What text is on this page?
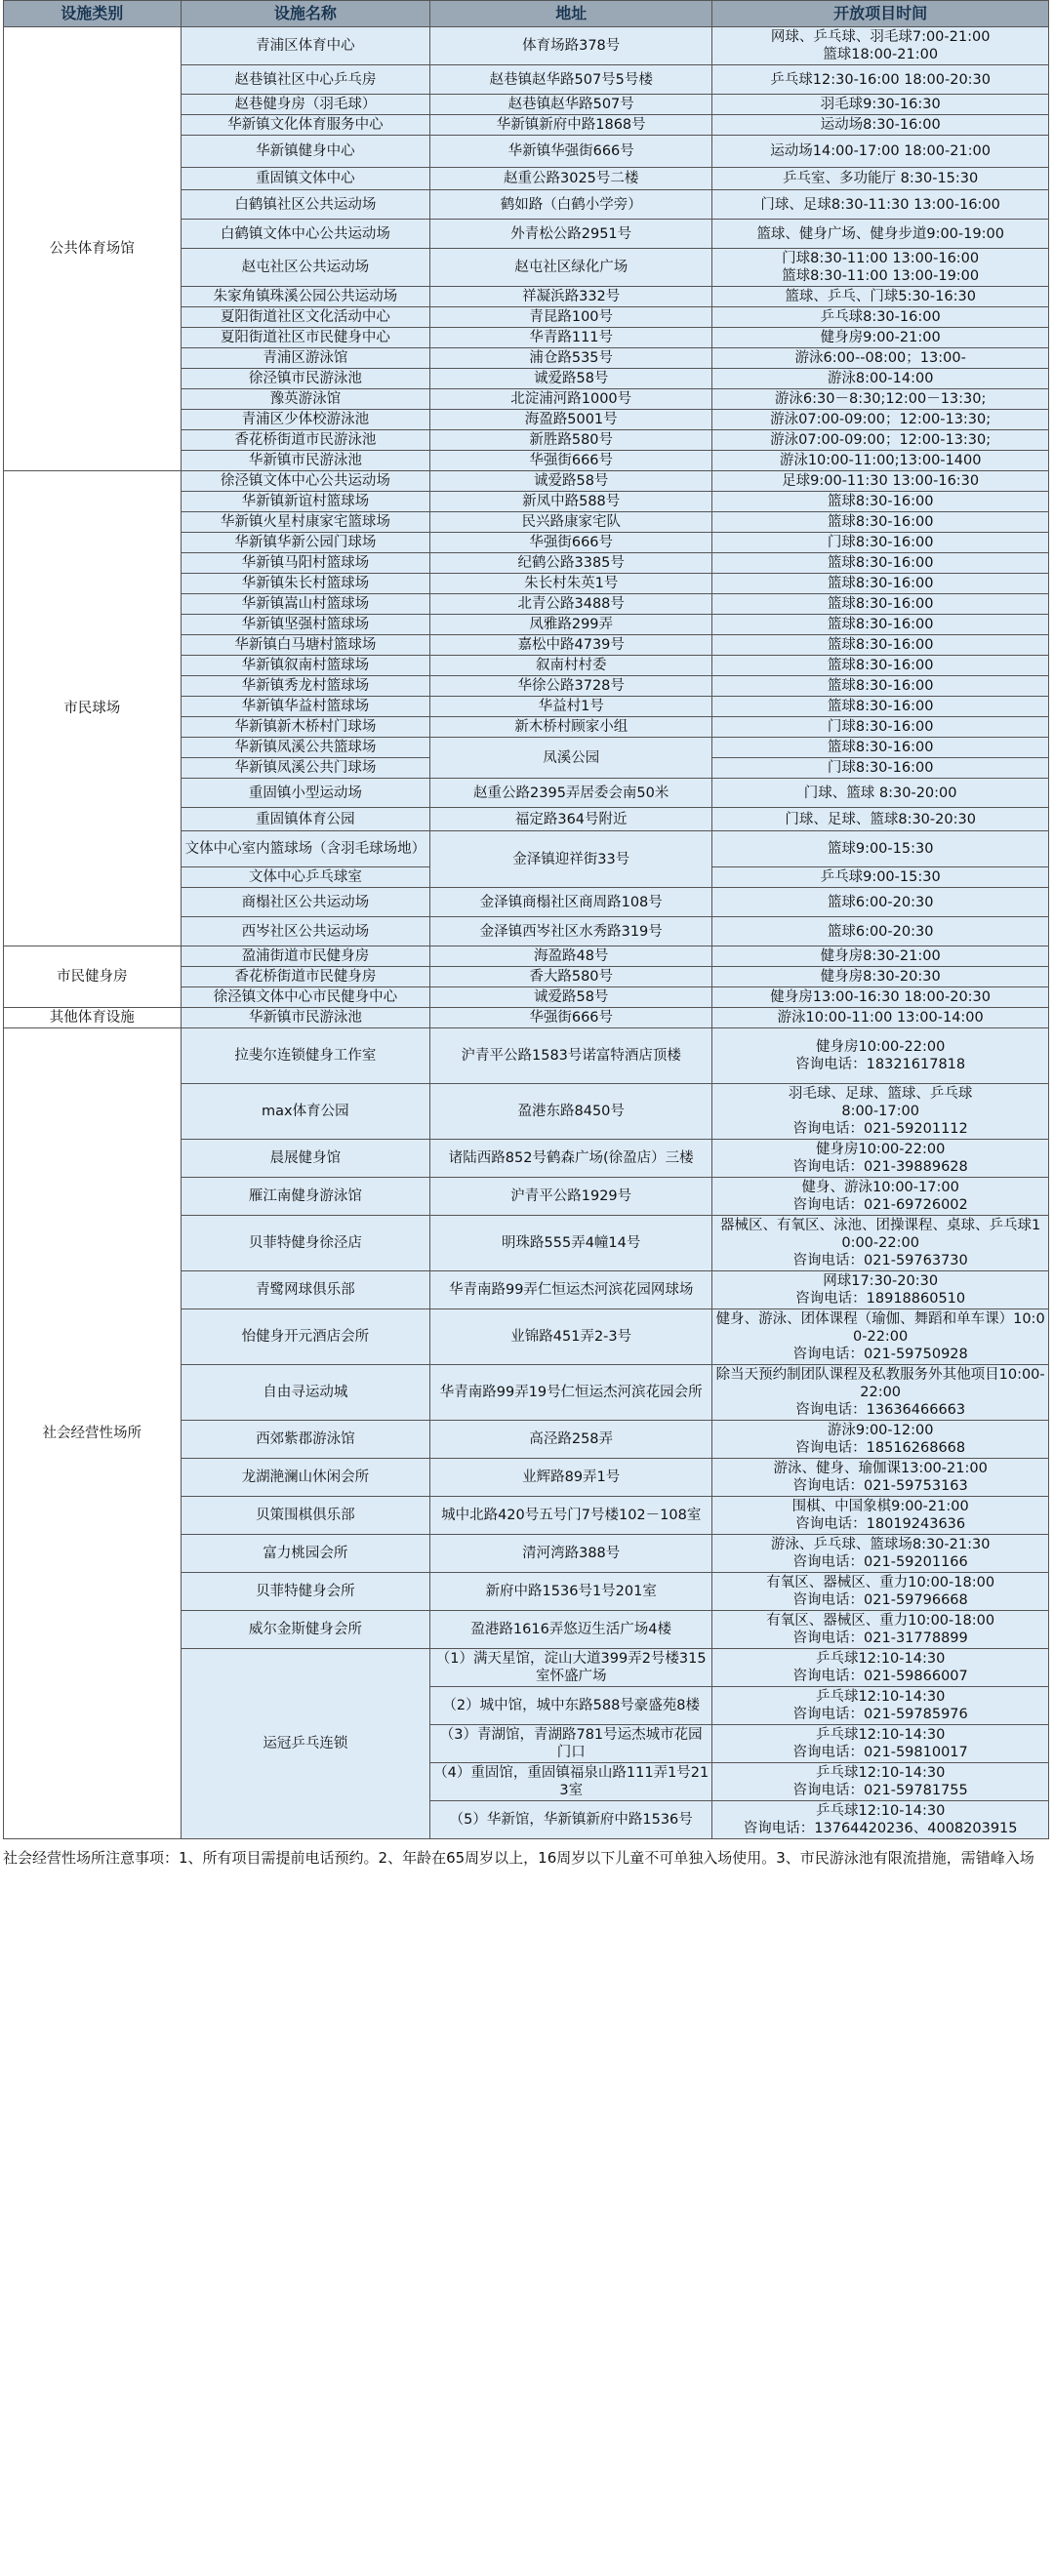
设施类别	设施名称	地址	开放项目时间
公共体育场馆	青浦区体育中心	体育场路378号	网球、乒乓球、羽毛球7:00-21:00
篮球18:00-21:00

	赵巷镇社区中心乒乓房	赵巷镇赵华路507号5号楼	乒乓球12:30-16:00 18:00-20:30

	赵巷健身房（羽毛球）	赵巷镇赵华路507号	羽毛球9:30-16:30

	华新镇文化体育服务中心	华新镇新府中路1868号	运动场8:30-16:00

	华新镇健身中心	华新镇华强街666号	运动场14:00-17:00 18:00-21:00

	重固镇文体中心	赵重公路3025号二楼	乒乓室、多功能厅 8:30-15:30

	白鹤镇社区公共运动场	鹤如路（白鹤小学旁）	门球、足球8:30-11:30 13:00-16:00

	白鹤镇文体中心公共运动场	外青松公路2951号	篮球、健身广场、健身步道9:00-19:00

	赵屯社区公共运动场	赵屯社区绿化广场	门球8:30-11:00 13:00-16:00
篮球8:30-11:00 13:00-19:00

	朱家角镇珠溪公园公共运动场	祥凝浜路332号	篮球、乒乓、门球5:30-16:30

	夏阳街道社区文化活动中心	青昆路100号	乒乓球8:30-16:00

	夏阳街道社区市民健身中心	华青路111号	健身房9:00-21:00

	青浦区游泳馆	浦仓路535号	游泳6:00--08:00；13:00-

	徐泾镇市民游泳池	诚爱路58号	游泳8:00-14:00

	豫英游泳馆	北淀浦河路1000号	游泳6:30－8:30;12:00－13:30;

	青浦区少体校游泳池	海盈路5001号	游泳07:00-09:00；12:00-13:30;

	香花桥街道市民游泳池	新胜路580号	游泳07:00-09:00；12:00-13:30;

	华新镇市民游泳池	华强街666号	游泳10:00-11:00;13:00-1400

市民球场	徐泾镇文体中心公共运动场	诚爱路58号	足球9:00-11:30 13:00-16:30

	华新镇新谊村篮球场	新凤中路588号	篮球8:30-16:00

	华新镇火星村康家宅篮球场	民兴路康家宅队	篮球8:30-16:00

	华新镇华新公园门球场	华强街666号	门球8:30-16:00

	华新镇马阳村篮球场	纪鹤公路3385号	篮球8:30-16:00

	华新镇朱长村篮球场	朱长村朱英1号	篮球8:30-16:00

	华新镇嵩山村篮球场	北青公路3488号	篮球8:30-16:00

	华新镇坚强村篮球场	凤雅路299弄	篮球8:30-16:00

	华新镇白马塘村篮球场	嘉松中路4739号	篮球8:30-16:00

	华新镇叙南村篮球场	叙南村村委	篮球8:30-16:00

	华新镇秀龙村篮球场	华徐公路3728号	篮球8:30-16:00

	华新镇华益村篮球场	华益村1号	篮球8:30-16:00

	华新镇新木桥村门球场	新木桥村顾家小组	门球8:30-16:00

	华新镇凤溪公共篮球场	凤溪公园	篮球8:30-16:00

	华新镇凤溪公共门球场		门球8:30-16:00

	重固镇小型运动场	赵重公路2395弄居委会南50米	门球、篮球 8:30-20:00

	重固镇体育公园	福定路364号附近	门球、足球、篮球8:30-20:30

	文体中心室内篮球场（含羽毛球场地）	金泽镇迎祥街33号	篮球9:00-15:30

	文体中心乒乓球室		乒乓球9:00-15:30

	商榻社区公共运动场	金泽镇商榻社区商周路108号	篮球6:00-20:30

	西岑社区公共运动场	金泽镇西岑社区水秀路319号	篮球6:00-20:30

市民健身房	盈浦街道市民健身房	海盈路48号	健身房8:30-21:00

	香花桥街道市民健身房	香大路580号	健身房8:30-20:30

	徐泾镇文体中心市民健身中心	诚爱路58号	健身房13:00-16:30 18:00-20:30

其他体育设施	华新镇市民游泳池	华强街666号	游泳10:00-11:00 13:00-14:00

社会经营性场所	拉斐尔连锁健身工作室	沪青平公路1583号诺富特酒店顶楼	健身房10:00-22:00
咨询电话：18321617818

	max体育公园	盈港东路8450号	羽毛球、足球、篮球、乒乓球
8:00-17:00
咨询电话：021-59201112

	晨展健身馆	诸陆西路852号鹤森广场(徐盈店）三楼	健身房10:00-22:00
咨询电话：021-39889628

	雁江南健身游泳馆	沪青平公路1929号	健身、游泳10:00-17:00
咨询电话：021-69726002

	贝菲特健身徐泾店	明珠路555弄4幢14号	器械区、有氧区、泳池、团操课程、桌球、乒乓球10:00-22:00
咨询电话：021-59763730

	青鹭网球俱乐部	华青南路99弄仁恒运杰河滨花园网球场	网球17:30-20:30
咨询电话：18918860510

	怡健身开元酒店会所	业锦路451弄2-3号	健身、游泳、团体课程（瑜伽、舞蹈和单车课）10:00-22:00
咨询电话：021-59750928

	自由寻运动城	华青南路99弄19号仁恒运杰河滨花园会所	除当天预约制团队课程及私教服务外其他项目10:00-22:00
咨询电话：13636466663

	西郊紫郡游泳馆	高泾路258弄	游泳9:00-12:00
咨询电话：18516268668

	龙湖滟澜山休闲会所	业辉路89弄1号	游泳、健身、瑜伽课13:00-21:00
咨询电话：021-59753163

	贝策围棋俱乐部	城中北路420号五号门7号楼102－108室	围棋、中国象棋9:00-21:00
咨询电话：18019243636

	富力桃园会所	清河湾路388号	游泳、乒乓球、篮球场8:30-21:30
咨询电话：021-59201166

	贝菲特健身会所	新府中路1536号1号201室	有氧区、器械区、重力10:00-18:00
咨询电话：021-59796668

	威尔金斯健身会所	盈港路1616弄悠迈生活广场4楼	有氧区、器械区、重力10:00-18:00
咨询电话：021-31778899

	运冠乒乓连锁	（1）满天星馆，淀山大道399弄2号楼315室怀盛广场	乒乓球12:10-14:30
咨询电话：021-59866007

		（2）城中馆，城中东路588号豪盛苑8楼	乒乓球12:10-14:30
咨询电话：021-59785976

		（3）青湖馆，青湖路781号运杰城市花园门口	乒乓球12:10-14:30
咨询电话：021-59810017

		（4）重固馆，重固镇福泉山路111弄1号213室	乒乓球12:10-14:30
咨询电话：021-59781755

		（5）华新馆，华新镇新府中路1536号	乒乓球12:10-14:30
咨询电话：13764420236、4008203915
社会经营性场所注意事项：1、所有项目需提前电话预约。2、年龄在65周岁以上，16周岁以下儿童不可单独入场使用。3、市民游泳池有限流措施，需错峰入场
